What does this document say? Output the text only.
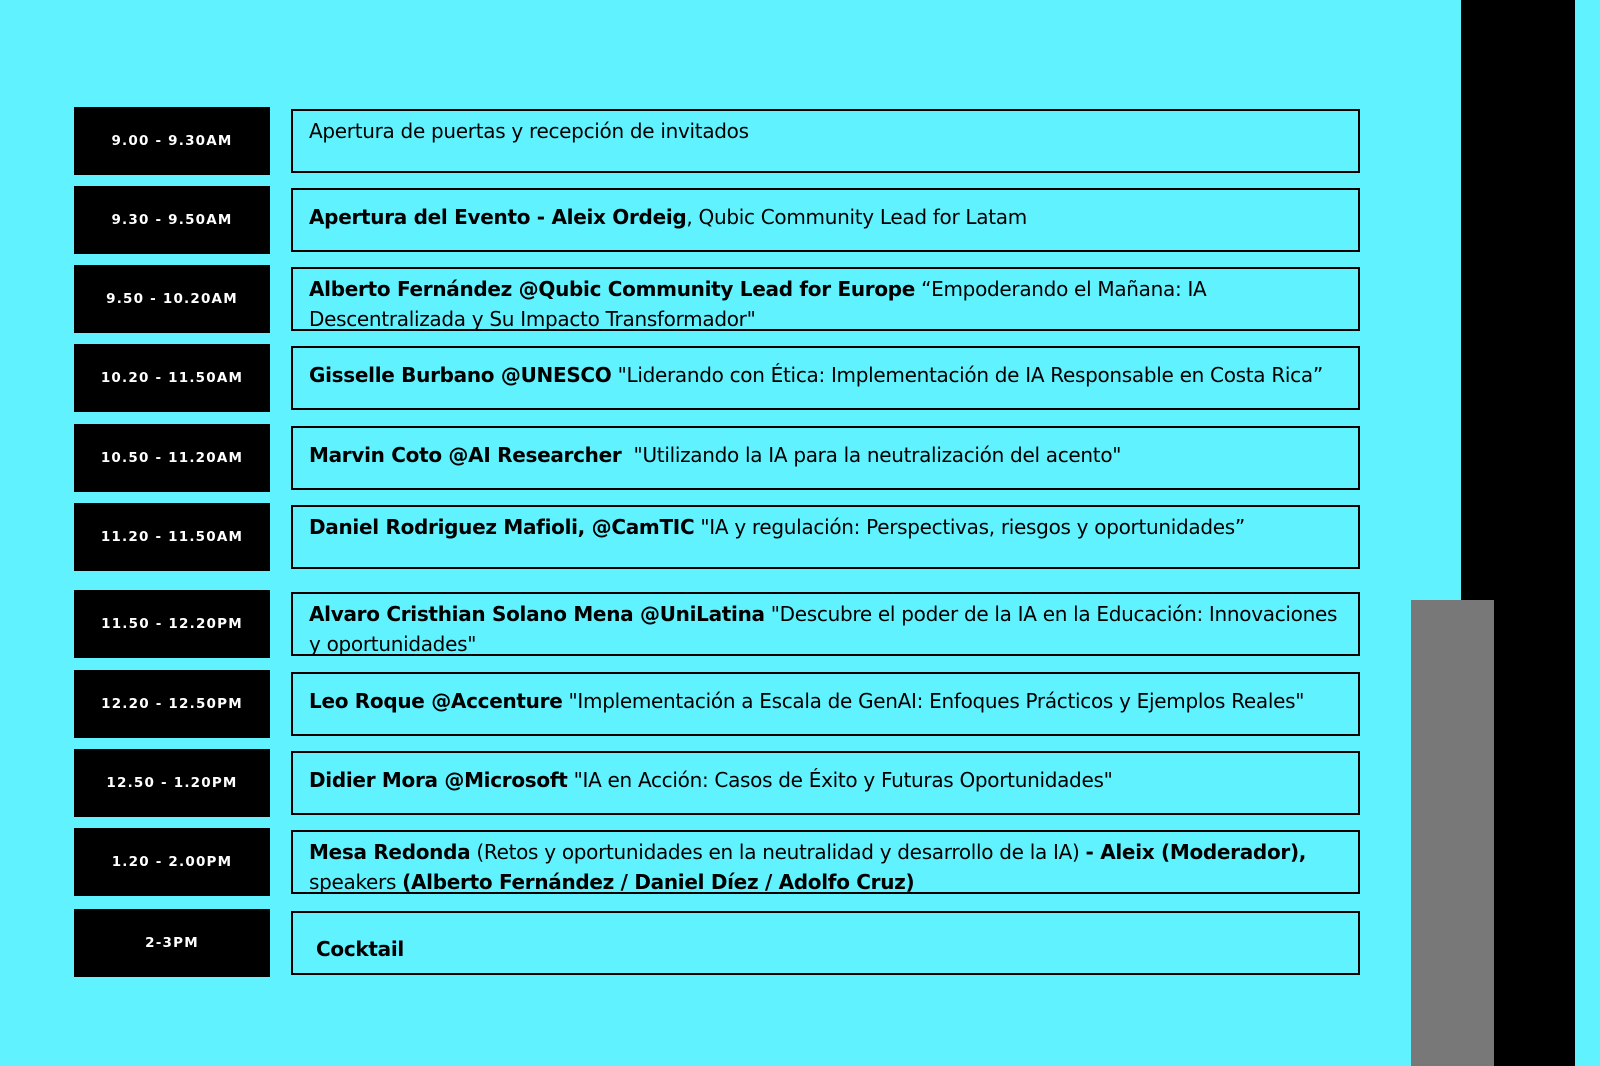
9.00 - 9.30AM	Apertura de puertas y recepción de invitados
9.30 - 9.50AM	Apertura del Evento - Aleix Ordeig, Qubic Community Lead for Latam
9.50 - 10.20AM	Alberto Fernández @Qubic Community Lead for Europe “Empoderando el Mañana: IA Descentralizada y Su Impacto Transformador"
10.20 - 11.50AM	Gisselle Burbano @UNESCO "Liderando con Ética: Implementación de IA Responsable en Costa Rica”
10.50 - 11.20AM	Marvin Coto @AI Researcher  "Utilizando la IA para la neutralización del acento"
11.20 - 11.50AM	Daniel Rodriguez Mafioli, @CamTIC "IA y regulación: Perspectivas, riesgos y oportunidades”
11.50 - 12.20PM	Alvaro Cristhian Solano Mena @UniLatina "Descubre el poder de la IA en la Educación: Innovaciones y oportunidades"
12.20 - 12.50PM	Leo Roque @Accenture "Implementación a Escala de GenAI: Enfoques Prácticos y Ejemplos Reales"
12.50 - 1.20PM	Didier Mora @Microsoft "IA en Acción: Casos de Éxito y Futuras Oportunidades"
1.20 - 2.00PM	Mesa Redonda (Retos y oportunidades en la neutralidad y desarrollo de la IA) - Aleix (Moderador), speakers (Alberto Fernández / Daniel Díez / Adolfo Cruz)
2-3PM	Cocktail
